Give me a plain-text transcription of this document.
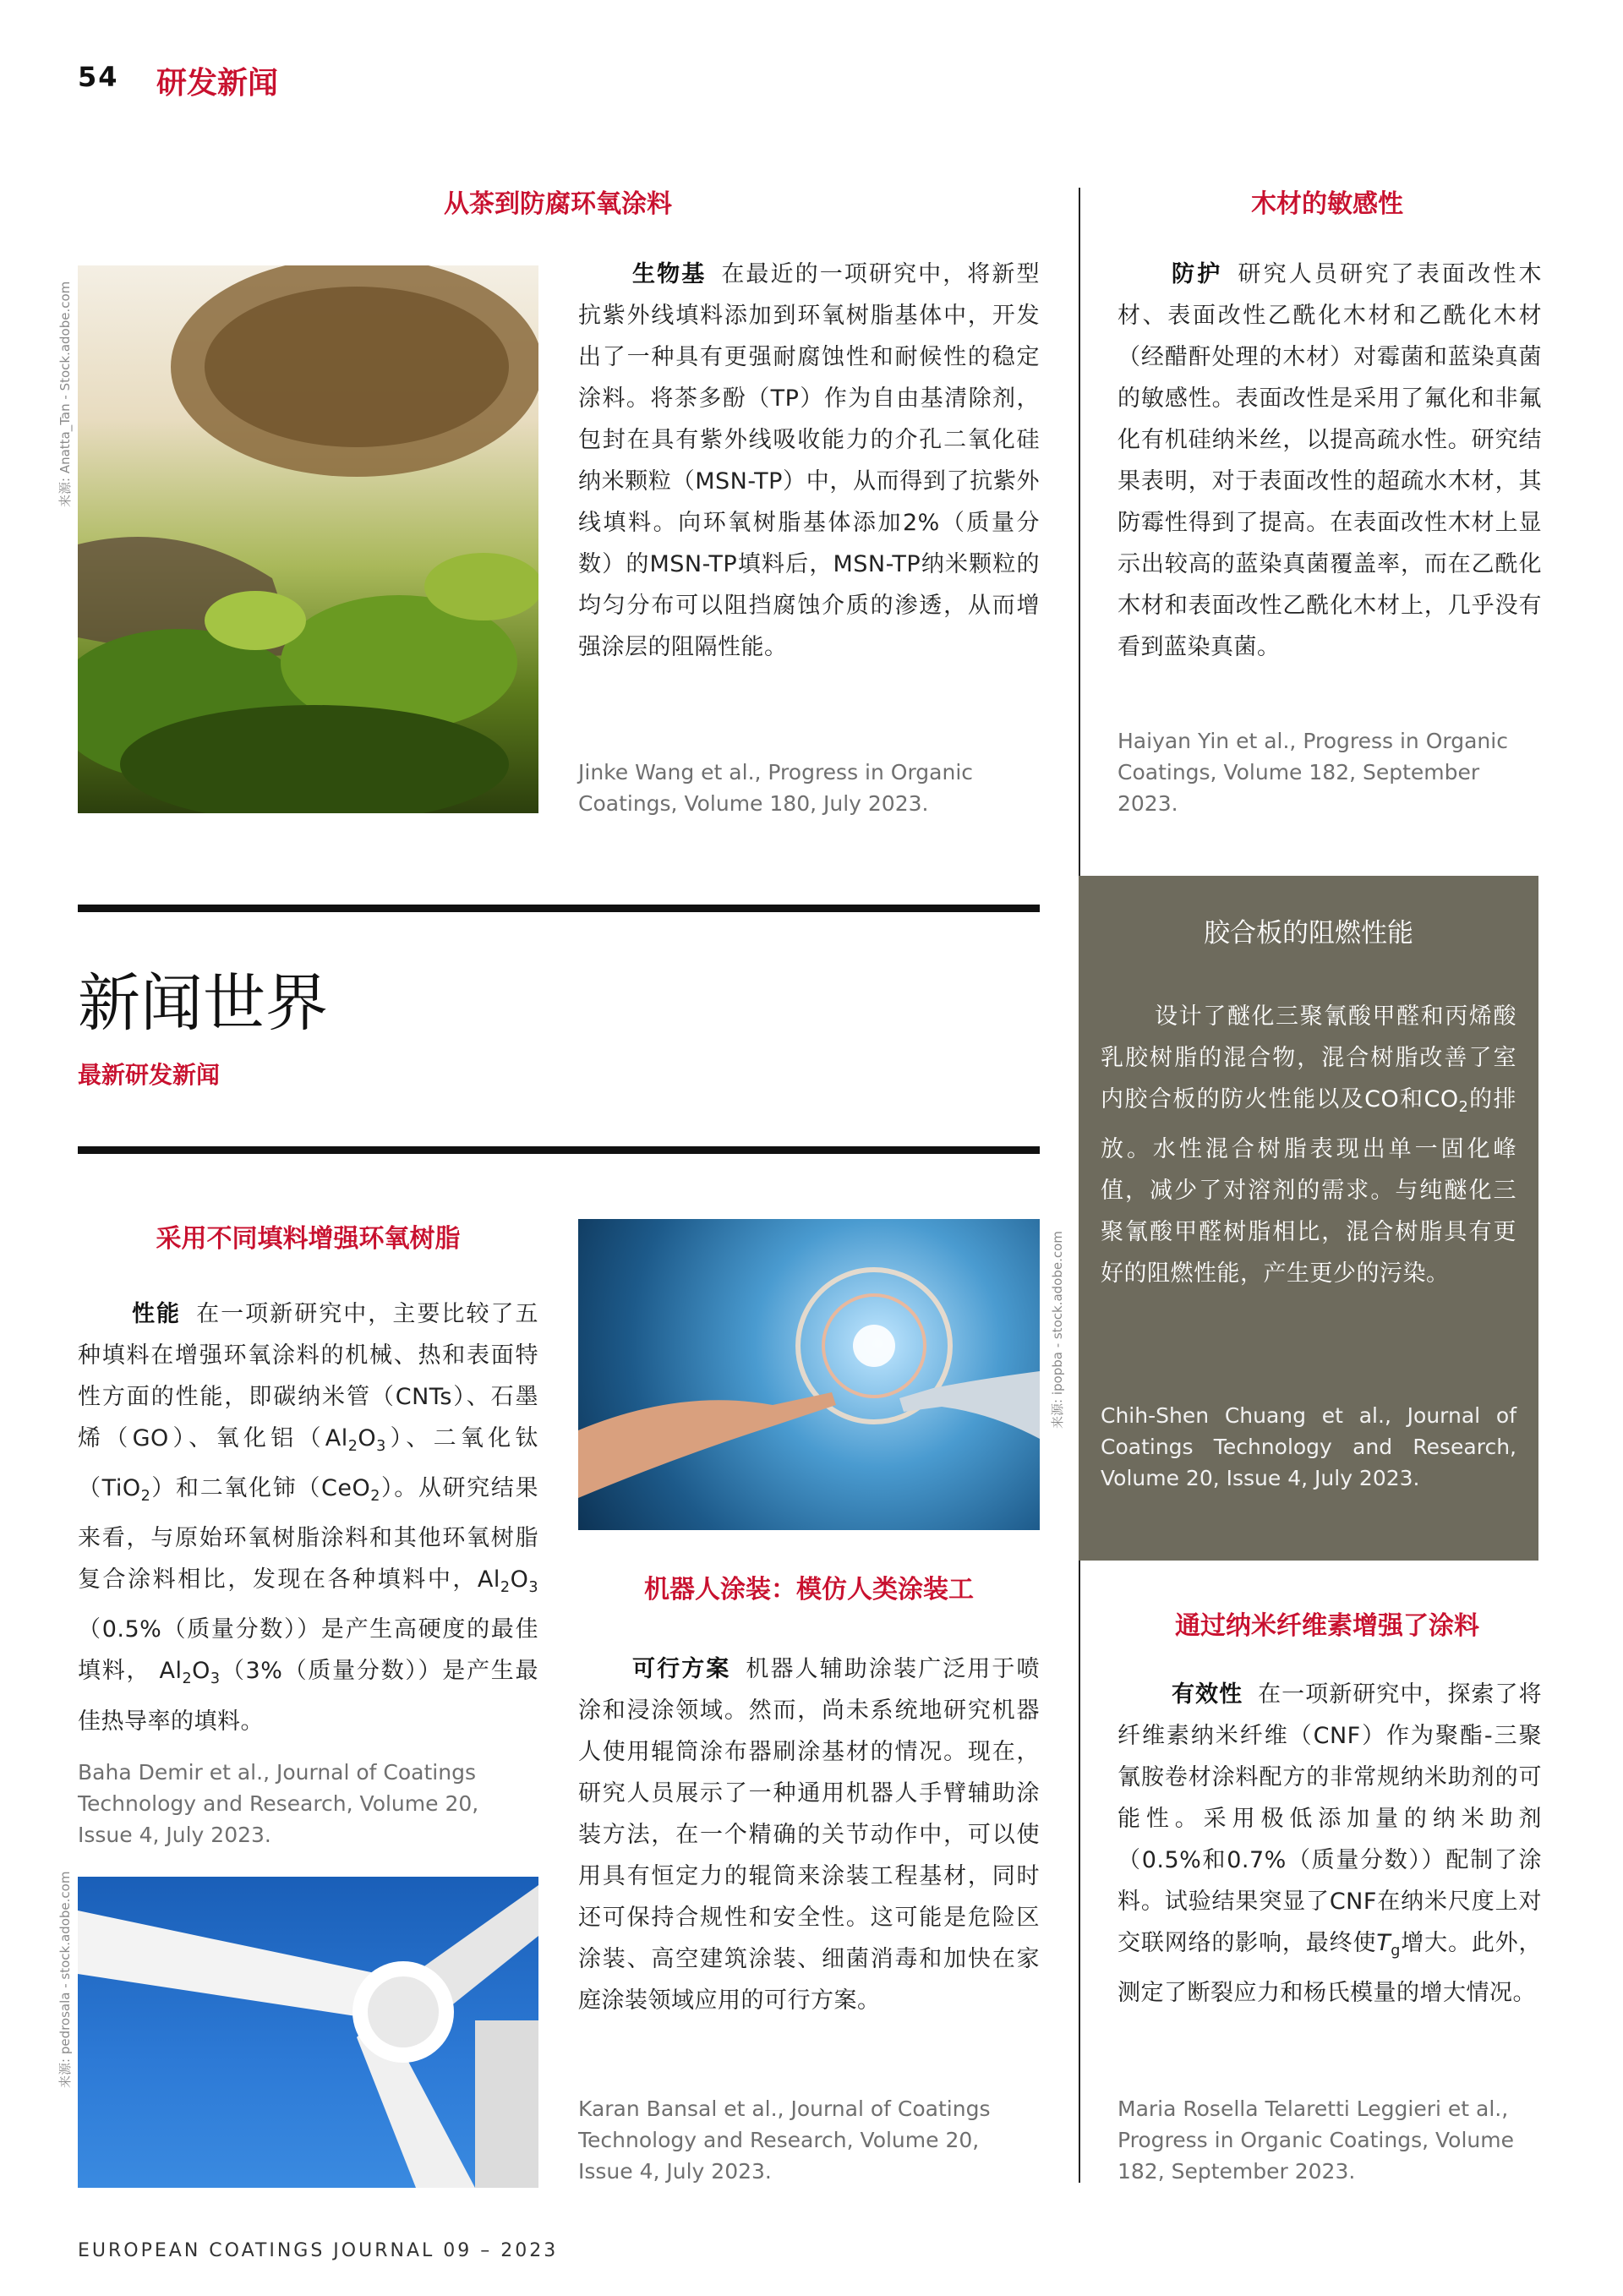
54 研发新闻
从茶到防腐环氧涂料
来源: Anatta_Tan - Stock.adobe.com
生物基 在最近的一项研究中，将新型抗紫外线填料添加到环氧树脂基体中，开发出了一种具有更强耐腐蚀性和耐候性的稳定涂料。将茶多酚（TP）作为自由基清除剂，包封在具有紫外线吸收能力的介孔二氧化硅纳米颗粒（MSN-TP）中，从而得到了抗紫外线填料。向环氧树脂基体添加2%（质量分数）的MSN-TP填料后，MSN-TP纳米颗粒的均匀分布可以阻挡腐蚀介质的渗透，从而增强涂层的阻隔性能。
Jinke Wang et al., Progress in Organic Coatings, Volume 180, July 2023.
木材的敏感性
防护 研究人员研究了表面改性木材、表面改性乙酰化木材和乙酰化木材（经醋酐处理的木材）对霉菌和蓝染真菌的敏感性。表面改性是采用了氟化和非氟化有机硅纳米丝，以提高疏水性。研究结果表明，对于表面改性的超疏水木材，其防霉性得到了提高。在表面改性木材上显示出较高的蓝染真菌覆盖率，而在乙酰化木材和表面改性乙酰化木材上，几乎没有看到蓝染真菌。
Haiyan Yin et al., Progress in Organic Coatings, Volume 182, September 2023.
新闻世界
最新研发新闻
胶合板的阻燃性能
设计了醚化三聚氰酸甲醛和丙烯酸乳胶树脂的混合物，混合树脂改善了室内胶合板的防火性能以及CO和$CO_2$的排放。水性混合树脂表现出单一固化峰值，减少了对溶剂的需求。与纯醚化三聚氰酸甲醛树脂相比，混合树脂具有更好的阻燃性能，产生更少的污染。
Chih-Shen Chuang et al., Journal of Coatings Technology and Research, Volume 20, Issue 4, July 2023.
采用不同填料增强环氧树脂
性能 在一项新研究中，主要比较了五种填料在增强环氧涂料的机械、热和表面特性方面的性能，即碳纳米管（CNTs）、石墨烯（GO）、氧化铝$(Al_2O_3)$、二氧化钛（TiO$_2$）和二氧化铈（CeO$_2$）。从研究结果来看，与原始环氧树脂涂料和其他环氧树脂复合涂料相比，发现在各种填料中，$Al_2O_3(0.5\%$（质量分数））是产生高硬度的最佳填料， $Al_2O_3(3\%$（质量分数））是产生最佳热导率的填料。
Baha Demir et al., Journal of Coatings Technology and Research, Volume 20, Issue 4, July 2023.
来源: pedrosala - stock.adobe.com
来源: ipopba - stock.adobe.com
机器人涂装：模仿人类涂装工
可行方案 机器人辅助涂装广泛用于喷涂和浸涂领域。然而，尚未系统地研究机器人使用辊筒涂布器刷涂基材的情况。现在，研究人员展示了一种通用机器人手臂辅助涂装方法，在一个精确的关节动作中，可以使用具有恒定力的辊筒来涂装工程基材，同时还可保持合规性和安全性。这可能是危险区涂装、高空建筑涂装、细菌消毒和加快在家庭涂装领域应用的可行方案。
Karan Bansal et al., Journal of Coatings Technology and Research, Volume 20, Issue 4, July 2023.
通过纳米纤维素增强了涂料
有效性 在一项新研究中，探索了将纤维素纳米纤维（CNF）作为聚酯-三聚氰胺卷材涂料配方的非常规纳米助剂的可能性。采用极低添加量的纳米助剂（0.5%和0.7%（质量分数））配制了涂料。试验结果突显了CNF在纳米尺度上对交联网络的影响，最终使$T_g$增大。此外，测定了断裂应力和杨氏模量的增大情况。
Maria Rosella Telaretti Leggieri et al., Progress in Organic Coatings, Volume 182, September 2023.
EUROPEAN COATINGS JOURNAL 09 – 2023
